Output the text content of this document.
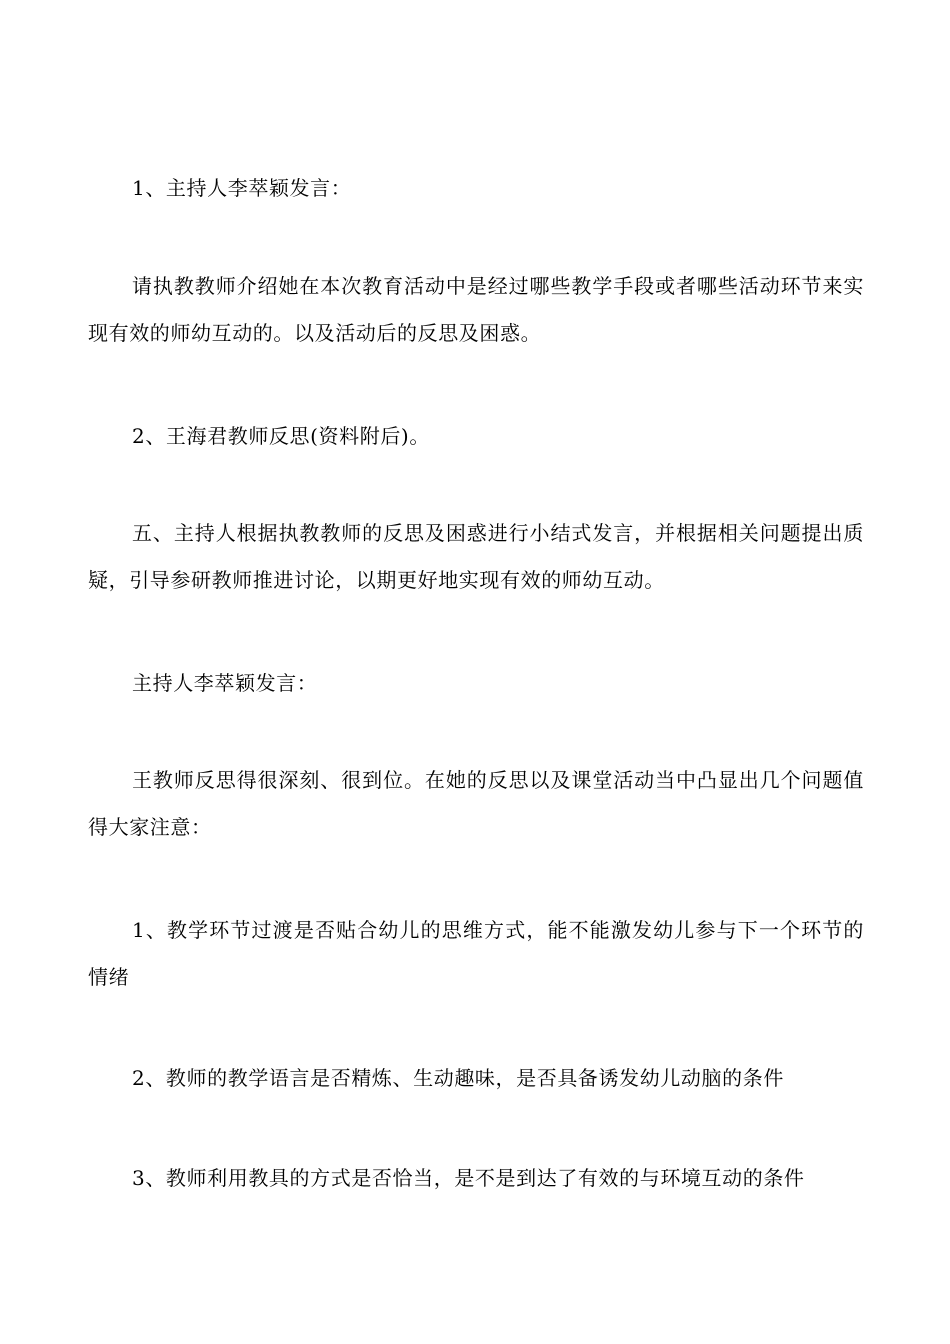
1、主持人李萃颖发言：

请执教教师介绍她在本次教育活动中是经过哪些教学手段或者哪些活动环节来实现有效的师幼互动的。以及活动后的反思及困惑。

2、王海君教师反思(资料附后)。

五、主持人根据执教教师的反思及困惑进行小结式发言，并根据相关问题提出质疑，引导参研教师推进讨论，以期更好地实现有效的师幼互动。

主持人李萃颖发言：

王教师反思得很深刻、很到位。在她的反思以及课堂活动当中凸显出几个问题值得大家注意：

1、教学环节过渡是否贴合幼儿的思维方式，能不能激发幼儿参与下一个环节的情绪

2、教师的教学语言是否精炼、生动趣味，是否具备诱发幼儿动脑的条件

3、教师利用教具的方式是否恰当，是不是到达了有效的与环境互动的条件
